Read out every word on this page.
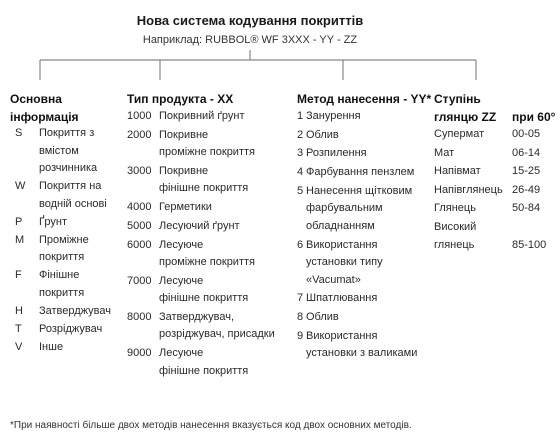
Нова система кодування покриттів
Наприклад: RUBBOL® WF 3XXX - YY - ZZ
Основна
інформація
S Покриття з
вмістом
розчинника
W Покриття на
водній основі
P Ґрунт
M Проміжне
покриття
F Фінішне
покриття
H Затверджувач
T Розріджувач
V Інше
Тип продукта - XX
1000 Покривний ґрунт
2000 Покривне
проміжне покриття
3000 Покривне
фінішне покриття
4000 Герметики
5000 Лесуючий ґрунт
6000 Лесуюче
проміжне покриття
7000 Лесуюче
фінішне покриття
8000 Затверджувач,
розріджувач, присадки
9000 Лесуюче
фінішне покриття
Метод нанесення - YY*
1 Занурення
2 Облив
3 Розпилення
4 Фарбування пензлем
5 Нанесення щітковим
фарбувальним
обладнанням
6 Використання
установки типу
«Vacumat»
7 Шпатлювання
8 Облив
9 Використання
установки з валиками
Ступінь
глянцю ZZ при 60°
Супермат	00-05
Мат	06-14
Напівмат	15-25
Напівглянець 26-49
Глянець	50-84
Високий
глянець	85-100
*При наявності більше двох методів нанесення вказується код двох основних методів.
